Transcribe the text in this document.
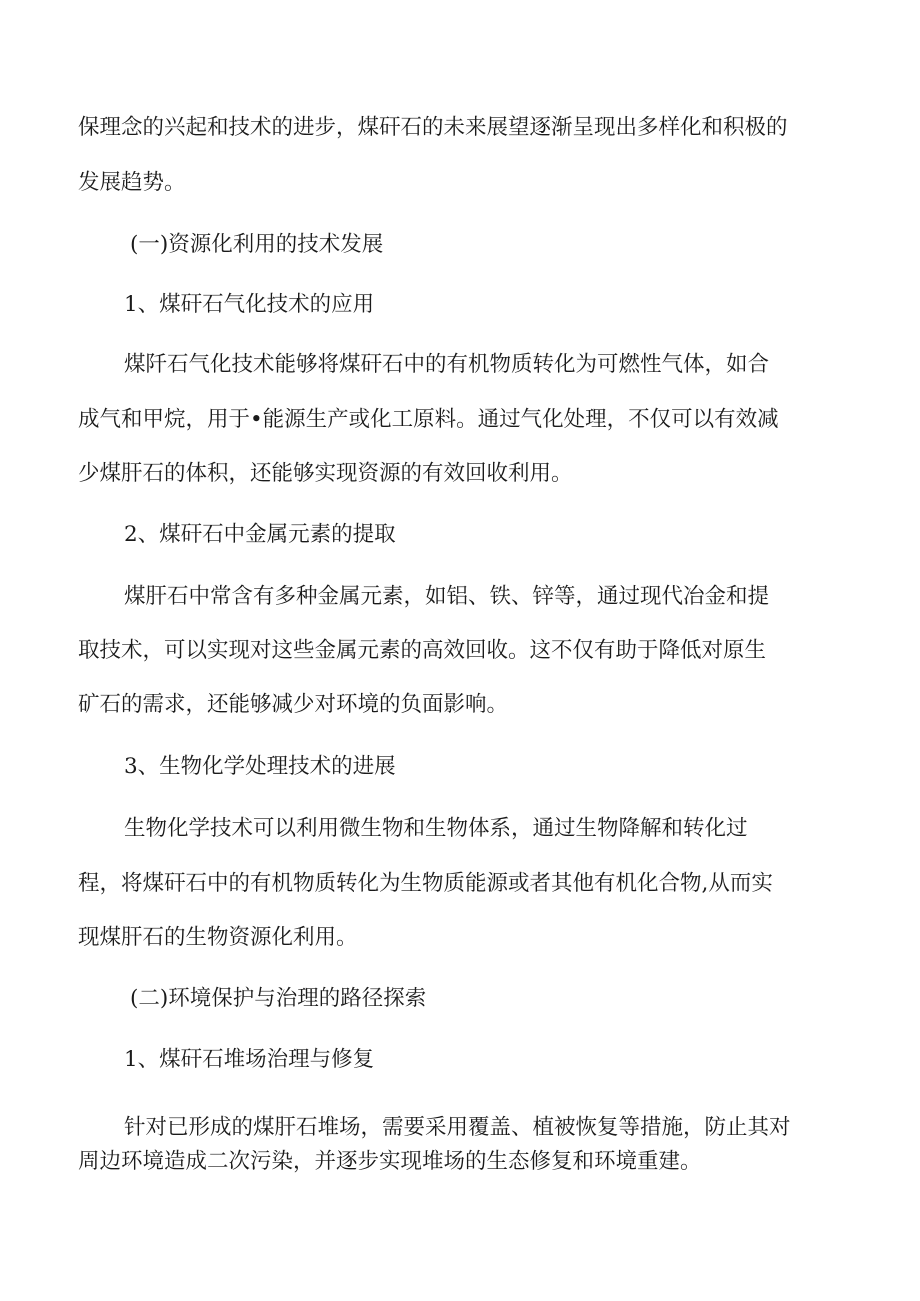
保理念的兴起和技术的进步，煤矸石的未来展望逐渐呈现出多样化和积极的
发展趋势。
(一)资源化利用的技术发展
1、煤矸石气化技术的应用
煤阡石气化技术能够将煤矸石中的有机物质转化为可燃性气体，如合
成气和甲烷，用于•能源生产或化工原料。通过气化处理，不仅可以有效减
少煤肝石的体积，还能够实现资源的有效回收利用。
2、煤矸石中金属元素的提取
煤肝石中常含有多种金属元素，如铝、铁、锌等，通过现代冶金和提
取技术，可以实现对这些金属元素的高效回收。这不仅有助于降低对原生
矿石的需求，还能够减少对环境的负面影响。
3、生物化学处理技术的进展
生物化学技术可以利用微生物和生物体系，通过生物降解和转化过
程，将煤矸石中的有机物质转化为生物质能源或者其他有机化合物,从而实
现煤肝石的生物资源化利用。
(二)环境保护与治理的路径探索
1、煤矸石堆场治理与修复
针对已形成的煤肝石堆场，需要采用覆盖、植被恢复等措施，防止其对
周边环境造成二次污染，并逐步实现堆场的生态修复和环境重建。
